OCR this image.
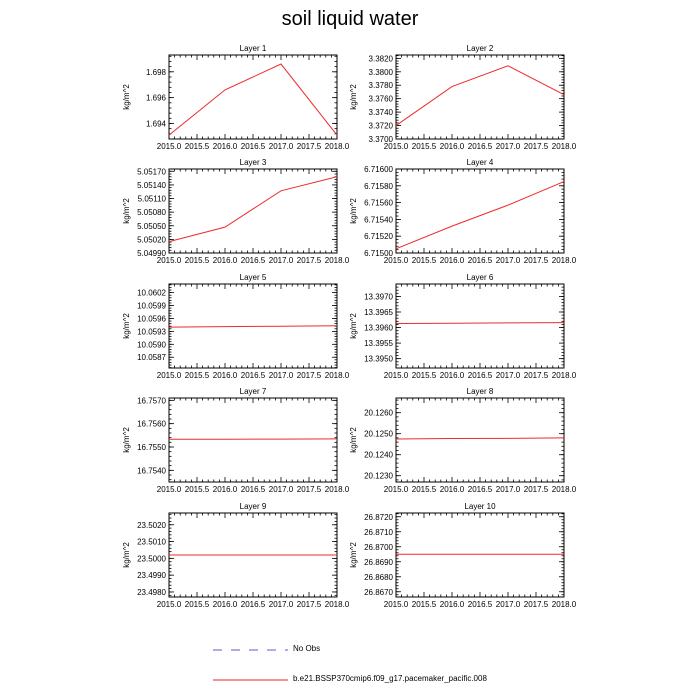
soil liquid water
Layer 1
kg/m^2
2015.0 2015.5 2016.0 2016.5 2017.0 2017.5 2018.0
1.694
1.696
1.698
Layer 2
kg/m^2
2015.0 2015.5 2016.0 2016.5 2017.0 2017.5 2018.0
3.3700
3.3720
3.3740
3.3760
3.3780
3.3800
3.3820
Layer 3
kg/m^2
2015.0 2015.5 2016.0 2016.5 2017.0 2017.5 2018.0
5.04990
5.05020
5.05050
5.05080
5.05110
5.05140
5.05170
Layer 4
kg/m^2
2015.0 2015.5 2016.0 2016.5 2017.0 2017.5 2018.0
6.71500
6.71520
6.71540
6.71560
6.71580
6.71600
Layer 5
kg/m^2
2015.0 2015.5 2016.0 2016.5 2017.0 2017.5 2018.0
10.0587
10.0590
10.0593
10.0596
10.0599
10.0602
Layer 6
kg/m^2
2015.0 2015.5 2016.0 2016.5 2017.0 2017.5 2018.0
13.3950
13.3955
13.3960
13.3965
13.3970
Layer 7
kg/m^2
2015.0 2015.5 2016.0 2016.5 2017.0 2017.5 2018.0
16.7540
16.7550
16.7560
16.7570
Layer 8
kg/m^2
2015.0 2015.5 2016.0 2016.5 2017.0 2017.5 2018.0
20.1230
20.1240
20.1250
20.1260
Layer 9
kg/m^2
2015.0 2015.5 2016.0 2016.5 2017.0 2017.5 2018.0
23.4980
23.4990
23.5000
23.5010
23.5020
Layer 10
kg/m^2
2015.0 2015.5 2016.0 2016.5 2017.0 2017.5 2018.0
26.8670
26.8680
26.8690
26.8700
26.8710
26.8720
No Obs
b.e21.BSSP370cmip6.f09_g17.pacemaker_pacific.008
